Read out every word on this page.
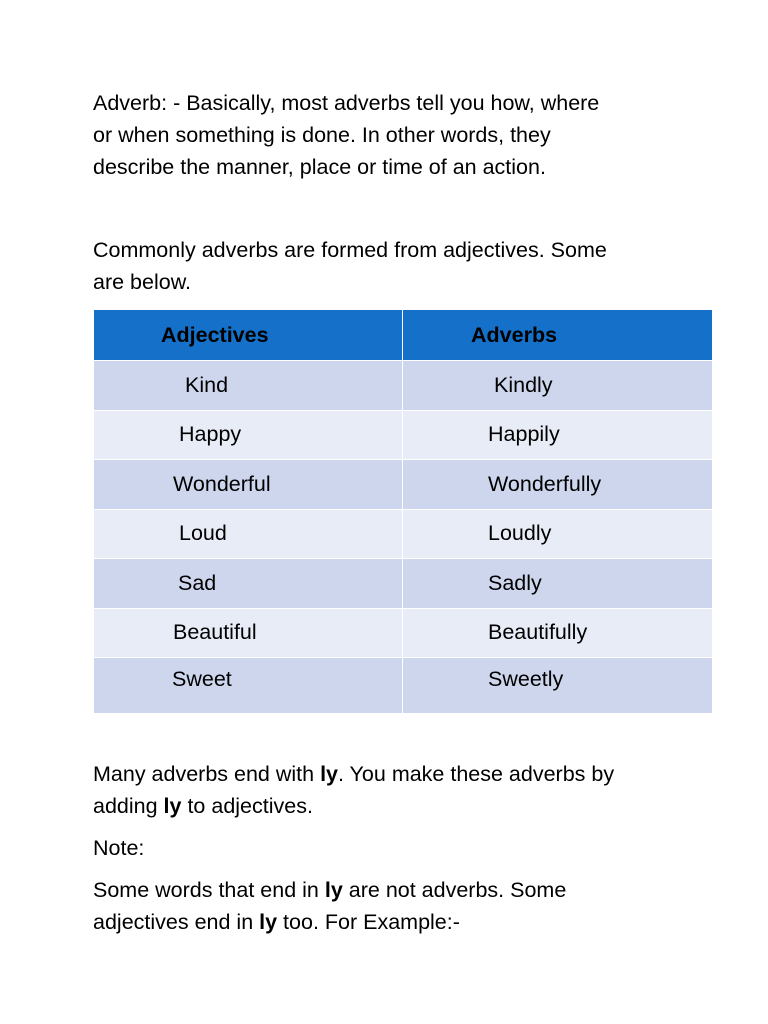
Adverb: - Basically, most adverbs tell you how, where
or when something is done. In other words, they
describe the manner, place or time of an action.

Commonly adverbs are formed from adjectives. Some
are below.

Adjectives	Adverbs

Kind	Kindly

Happy	Happily

Wonderful	Wonderfully

Loud	Loudly

Sad	Sadly

Beautiful	Beautifully

Sweet	Sweetly

Many adverbs end with ly. You make these adverbs by
adding ly to adjectives.

Note:

Some words that end in ly are not adverbs. Some
adjectives end in ly too. For Example:-
